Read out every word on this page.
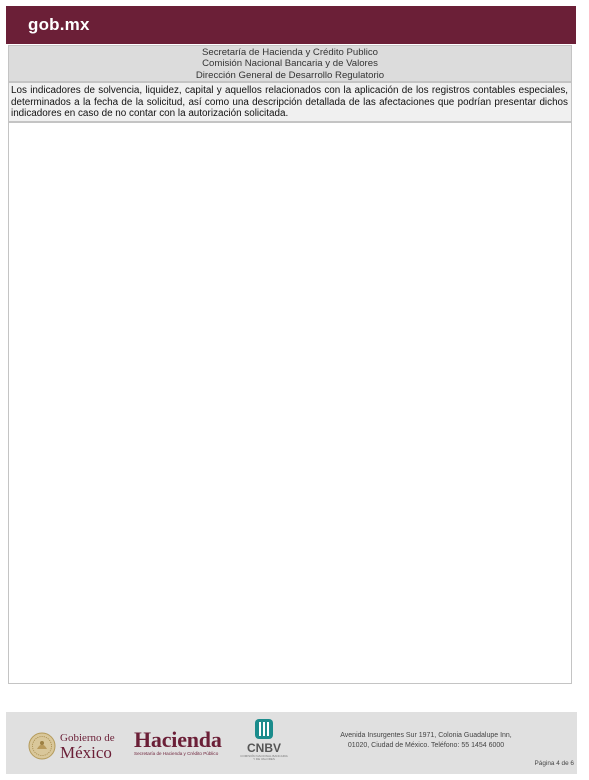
gob.mx
Secretaría de Hacienda y Crédito Publico
Comisión Nacional Bancaria y de Valores
Dirección General de Desarrollo Regulatorio
Los indicadores de solvencia, liquidez, capital y aquellos relacionados con la aplicación de los registros contables especiales, determinados a la fecha de la solicitud, así como una descripción detallada de las afectaciones que podrían presentar dichos indicadores en caso de no contar con la autorización solicitada.
Gobierno de
México
Hacienda
Secretaría de Hacienda y Crédito Público	CNBV
COMISIÓN NACIONAL BANCARIA Y DE VALORES
Avenida Insurgentes Sur 1971, Colonia Guadalupe Inn,
01020, Ciudad de México. Teléfono: 55 1454 6000
Página 4 de 6
